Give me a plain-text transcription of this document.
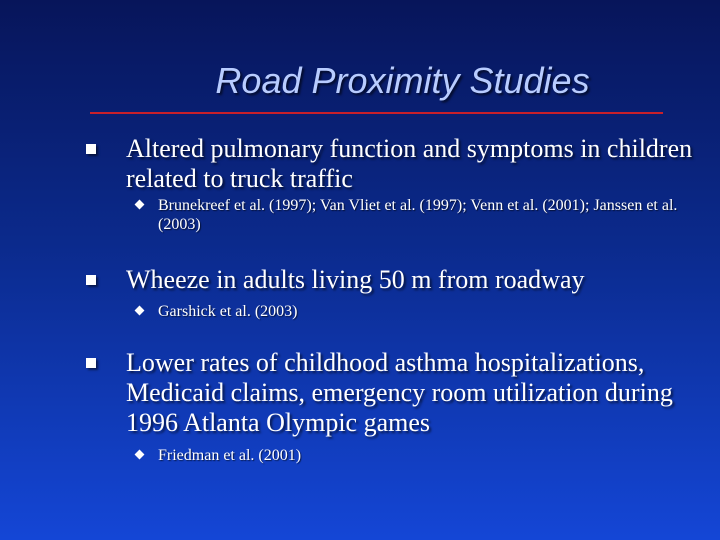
Road Proximity Studies
Altered pulmonary function and symptoms in children related to truck traffic
Brunekreef et al. (1997); Van Vliet et al. (1997); Venn et al. (2001); Janssen et al. (2003)
Wheeze in adults living 50 m from roadway
Garshick et al. (2003)
Lower rates of childhood asthma hospitalizations, Medicaid claims, emergency room utilization during 1996 Atlanta Olympic games
Friedman et al. (2001)
